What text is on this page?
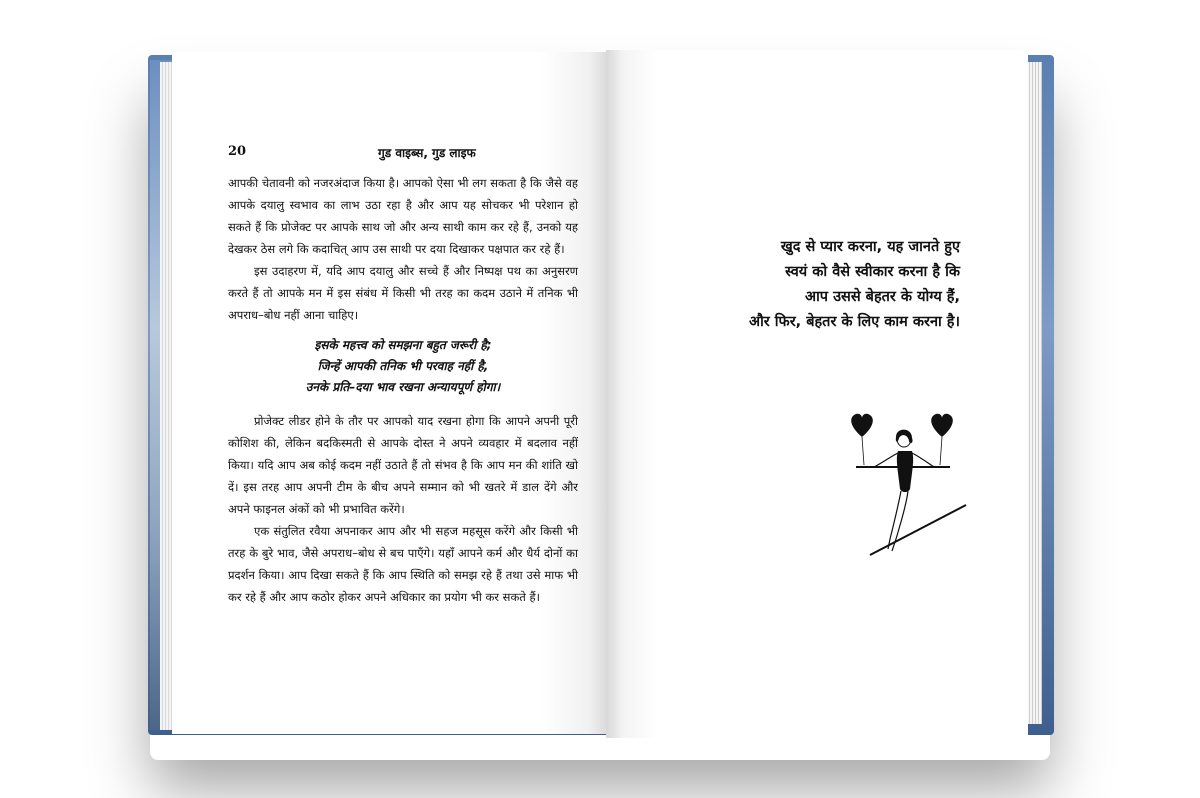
20	गुड वाइब्स, गुड लाइफ

आपकी चेतावनी को नजरअंदाज किया है। आपको ऐसा भी लग सकता है कि जैसे वह आपके दयालु स्वभाव का लाभ उठा रहा है और आप यह सोचकर भी परेशान हो सकते हैं कि प्रोजेक्ट पर आपके साथ जो और अन्य साथी काम कर रहे हैं, उनको यह देखकर ठेस लगे कि कदाचित् आप उस साथी पर दया दिखाकर पक्षपात कर रहे हैं।

इस उदाहरण में, यदि आप दयालु और सच्चे हैं और निष्पक्ष पथ का अनुसरण करते हैं तो आपके मन में इस संबंध में किसी भी तरह का कदम उठाने में तनिक भी अपराध–बोध नहीं आना चाहिए।

इसके महत्त्व को समझना बहुत जरूरी है;
जिन्हें आपकी तनिक भी परवाह नहीं है,
उनके प्रति–दया भाव रखना अन्यायपूर्ण होगा।

प्रोजेक्ट लीडर होने के तौर पर आपको याद रखना होगा कि आपने अपनी पूरी कोशिश की, लेकिन बदकिस्मती से आपके दोस्त ने अपने व्यवहार में बदलाव नहीं किया। यदि आप अब कोई कदम नहीं उठाते हैं तो संभव है कि आप मन की शांति खो दें। इस तरह आप अपनी टीम के बीच अपने सम्मान को भी खतरे में डाल देंगे और अपने फाइनल अंकों को भी प्रभावित करेंगे।

एक संतुलित रवैया अपनाकर आप और भी सहज महसूस करेंगे और किसी भी तरह के बुरे भाव, जैसे अपराध–बोध से बच पाएँगे। यहाँ आपने कर्म और धैर्य दोनों का प्रदर्शन किया। आप दिखा सकते हैं कि आप स्थिति को समझ रहे हैं तथा उसे माफ भी कर रहे हैं और आप कठोर होकर अपने अधिकार का प्रयोग भी कर सकते हैं।

खुद से प्यार करना, यह जानते हुए
स्वयं को वैसे स्वीकार करना है कि
आप उससे बेहतर के योग्य हैं,
और फिर, बेहतर के लिए काम करना है।
